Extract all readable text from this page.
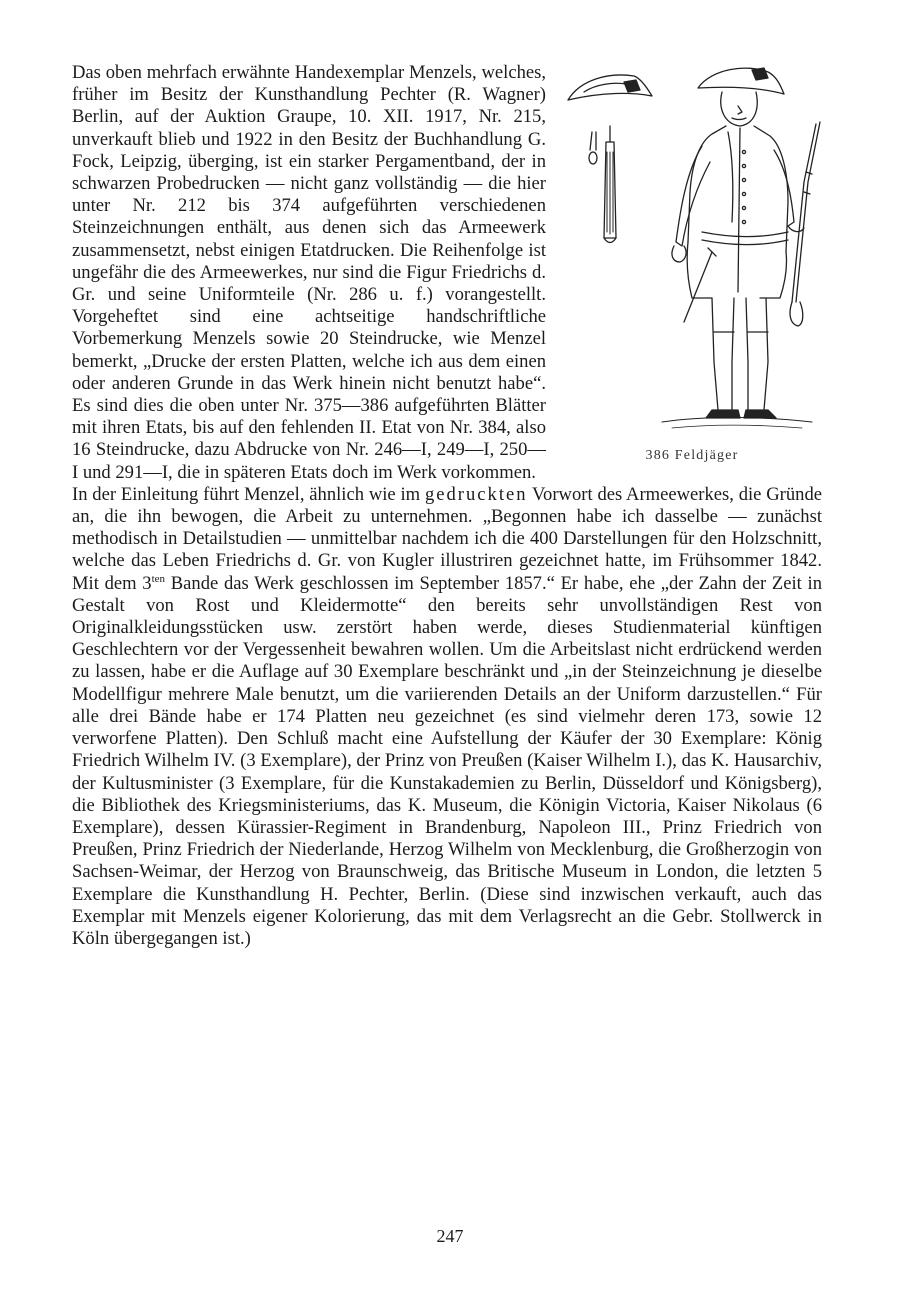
386 Feldjäger

Das oben mehrfach erwähnte Handexemplar Menzels, welches, früher im Besitz der Kunsthandlung Pechter (R. Wagner) Berlin, auf der Auktion Graupe, 10. XII. 1917, Nr. 215, unverkauft blieb und 1922 in den Besitz der Buchhandlung G. Fock, Leipzig, überging, ist ein starker Pergamentband, der in schwarzen Probedrucken — nicht ganz vollständig — die hier unter Nr. 212 bis 374 aufgeführten verschiedenen Steinzeichnungen enthält, aus denen sich das Armeewerk zusammensetzt, nebst einigen Etatdrucken. Die Reihenfolge ist ungefähr die des Armeewerkes, nur sind die Figur Friedrichs d. Gr. und seine Uniformteile (Nr. 286 u. f.) vorangestellt. Vorgeheftet sind eine achtseitige handschriftliche Vorbemerkung Menzels sowie 20 Steindrucke, wie Menzel bemerkt, „Drucke der ersten Platten, welche ich aus dem einen oder anderen Grunde in das Werk hinein nicht benutzt habe“. Es sind dies die oben unter Nr. 375—386 aufgeführten Blätter mit ihren Etats, bis auf den fehlenden II. Etat von Nr. 384, also 16 Steindrucke, dazu Abdrucke von Nr. 246—I, 249—I, 250—I und 291—I, die in späteren Etats doch im Werk vorkommen.

In der Einleitung führt Menzel, ähnlich wie im gedruckten Vorwort des Armeewerkes, die Gründe an, die ihn bewogen, die Arbeit zu unternehmen. „Begonnen habe ich dasselbe — zunächst methodisch in Detailstudien — unmittelbar nachdem ich die 400 Darstellungen für den Holzschnitt, welche das Leben Friedrichs d. Gr. von Kugler illustriren gezeichnet hatte, im Frühsommer 1842. Mit dem $3^{ten}$ Bande das Werk geschlossen im September 1857.“ Er habe, ehe „der Zahn der Zeit in Gestalt von Rost und Kleidermotte“ den bereits sehr unvollständigen Rest von Originalkleidungsstücken usw. zerstört haben werde, dieses Studienmaterial künftigen Geschlechtern vor der Vergessenheit bewahren wollen. Um die Arbeitslast nicht erdrückend werden zu lassen, habe er die Auflage auf 30 Exemplare beschränkt und „in der Steinzeichnung je dieselbe Modellfigur mehrere Male benutzt, um die variierenden Details an der Uniform darzustellen.“ Für alle drei Bände habe er 174 Platten neu gezeichnet (es sind vielmehr deren 173, sowie 12 verworfene Platten). Den Schluß macht eine Aufstellung der Käufer der 30 Exemplare: König Friedrich Wilhelm IV. (3 Exemplare), der Prinz von Preußen (Kaiser Wilhelm I.), das K. Hausarchiv, der Kultusminister (3 Exemplare, für die Kunstakademien zu Berlin, Düsseldorf und Königsberg), die Bibliothek des Kriegsministeriums, das K. Museum, die Königin Victoria, Kaiser Nikolaus (6 Exemplare), dessen Kürassier-Regiment in Brandenburg, Napoleon III., Prinz Friedrich von Preußen, Prinz Friedrich der Niederlande, Herzog Wilhelm von Mecklenburg, die Großherzogin von Sachsen-Weimar, der Herzog von Braunschweig, das Britische Museum in London, die letzten 5 Exemplare die Kunsthandlung H. Pechter, Berlin. (Diese sind inzwischen verkauft, auch das Exemplar mit Menzels eigener Kolorierung, das mit dem Verlagsrecht an die Gebr. Stollwerck in Köln übergegangen ist.)

247
